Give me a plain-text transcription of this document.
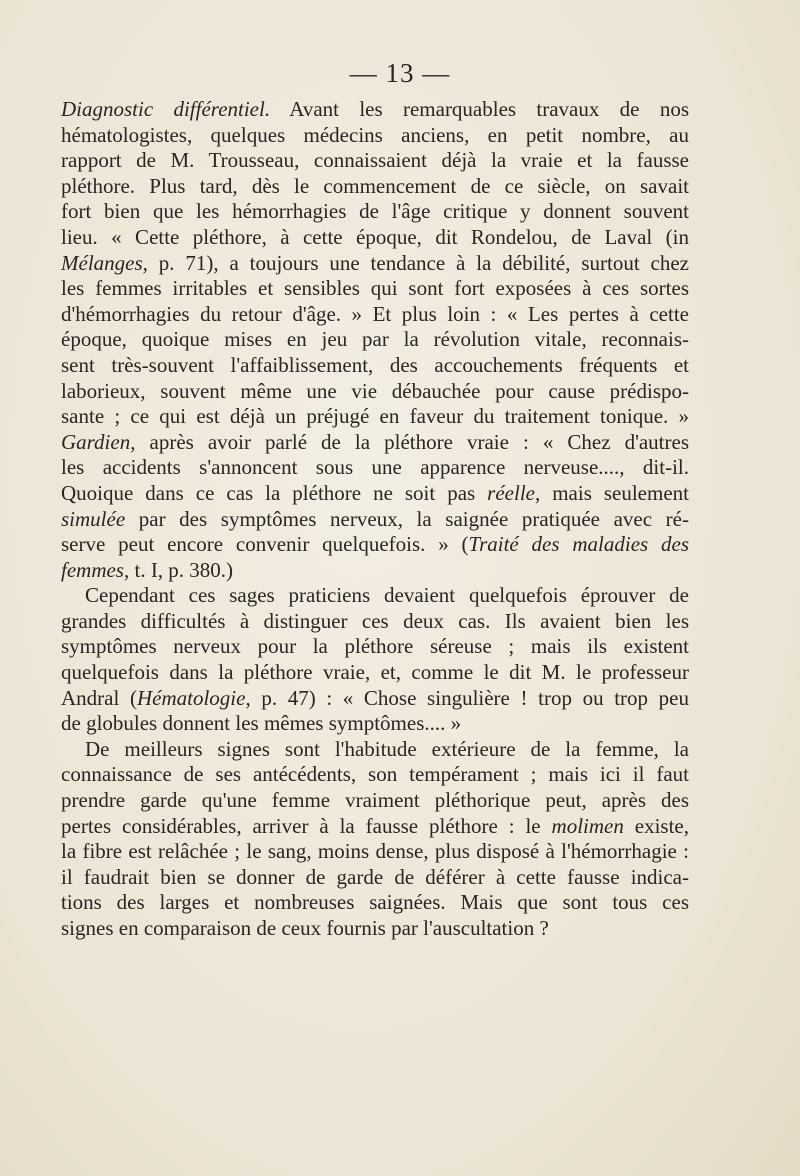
— 13 —
Diagnostic différentiel. Avant les remarquables travaux de nos
hématologistes, quelques médecins anciens, en petit nombre, au
rapport de M. Trousseau, connaissaient déjà la vraie et la fausse
pléthore. Plus tard, dès le commencement de ce siècle, on savait
fort bien que les hémorrhagies de l'âge critique y donnent souvent
lieu. « Cette pléthore, à cette époque, dit Rondelou, de Laval (in
Mélanges, p. 71), a toujours une tendance à la débilité, surtout chez
les femmes irritables et sensibles qui sont fort exposées à ces sortes
d'hémorrhagies du retour d'âge. » Et plus loin : « Les pertes à cette
époque, quoique mises en jeu par la révolution vitale, reconnais-
sent très-souvent l'affaiblissement, des accouchements fréquents et
laborieux, souvent même une vie débauchée pour cause prédispo-
sante ; ce qui est déjà un préjugé en faveur du traitement tonique. »
Gardien, après avoir parlé de la pléthore vraie : « Chez d'autres
les accidents s'annoncent sous une apparence nerveuse...., dit-il.
Quoique dans ce cas la pléthore ne soit pas réelle, mais seulement
simulée par des symptômes nerveux, la saignée pratiquée avec ré-
serve peut encore convenir quelquefois. » (Traité des maladies des
femmes, t. I, p. 380.)
Cependant ces sages praticiens devaient quelquefois éprouver de
grandes difficultés à distinguer ces deux cas. Ils avaient bien les
symptômes nerveux pour la pléthore séreuse ; mais ils existent
quelquefois dans la pléthore vraie, et, comme le dit M. le professeur
Andral (Hématologie, p. 47) : « Chose singulière ! trop ou trop peu
de globules donnent les mêmes symptômes.... »
De meilleurs signes sont l'habitude extérieure de la femme, la
connaissance de ses antécédents, son tempérament ; mais ici il faut
prendre garde qu'une femme vraiment pléthorique peut, après des
pertes considérables, arriver à la fausse pléthore : le molimen existe,
la fibre est relâchée ; le sang, moins dense, plus disposé à l'hémorrhagie :
il faudrait bien se donner de garde de déférer à cette fausse indica-
tions des larges et nombreuses saignées. Mais que sont tous ces
signes en comparaison de ceux fournis par l'auscultation ?
